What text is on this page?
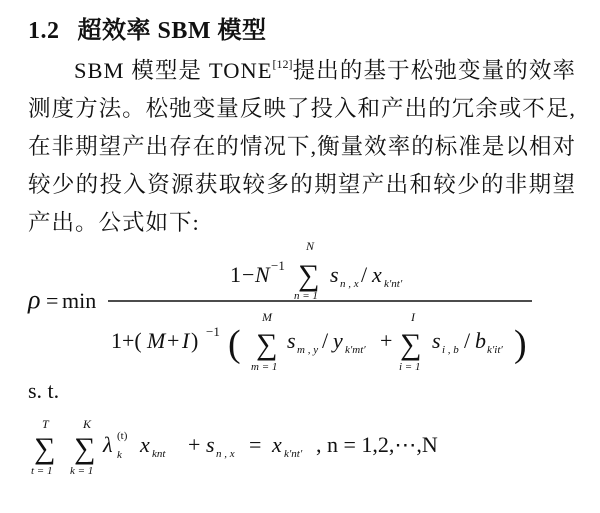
1.2 超效率 SBM 模型
SBM 模型是 TONE[12]提出的基于松弛变量的效率测度方法。松弛变量反映了投入和产出的冗余或不足,在非期望产出存在的情况下,衡量效率的标准是以相对较少的投入资源获取较多的期望产出和较少的非期望产出。公式如下:
ρ = min
1 − N −1
N
∑
n = 1
s n , x / x k′nt′
1+( M + I ) −1 (
M
∑
m = 1
s m , y / y k′mt′ +
I
∑
i = 1
s i , b / b k′it′ )
s. t.
T
∑
t = 1
K
∑
k = 1
λ (t)
k x knt + s n , x = x k′nt′ , n = 1,2,⋯,N
